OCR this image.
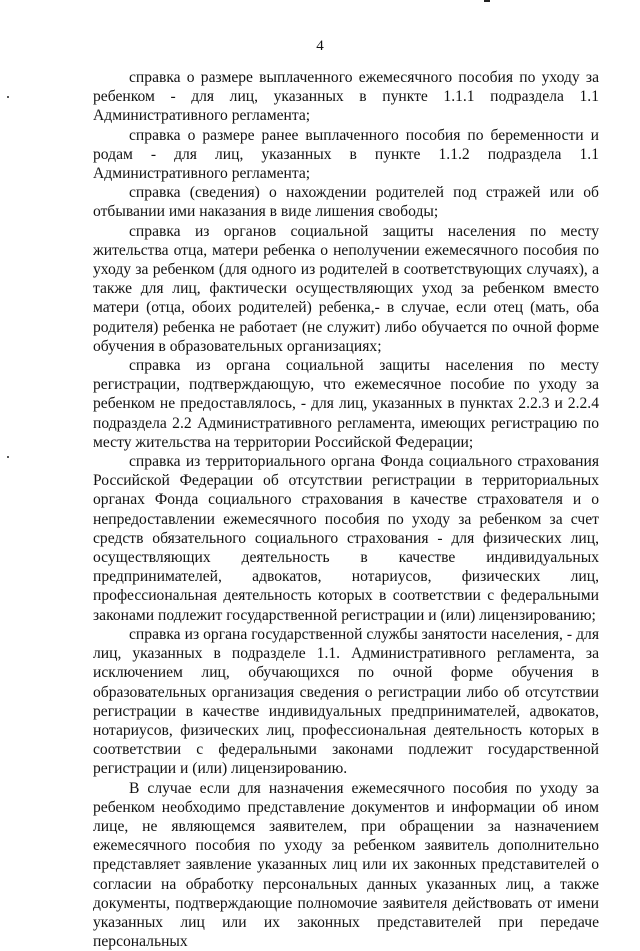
4

справка о размере выплаченного ежемесячного пособия по уходу за ребенком - для лиц, указанных в пункте 1.1.1 подраздела 1.1 Административного регламента;

справка о размере ранее выплаченного пособия по беременности и родам - для лиц, указанных в пункте 1.1.2 подраздела 1.1 Административного регламента;

справка (сведения) о нахождении родителей под стражей или об отбывании ими наказания в виде лишения свободы;

справка из органов социальной защиты населения по месту жительства отца, матери ребенка о неполучении ежемесячного пособия по уходу за ребенком (для одного из родителей в соответствующих случаях), а также для лиц, фактически осуществляющих уход за ребенком вместо матери (отца, обоих родителей) ребенка,- в случае, если отец (мать, оба родителя) ребенка не работает (не служит) либо обучается по очной форме обучения в образовательных организациях;

справка из органа социальной защиты населения по месту регистрации, подтверждающую, что ежемесячное пособие по уходу за ребенком не предоставлялось, - для лиц, указанных в пунктах 2.2.3 и 2.2.4 подраздела 2.2 Административного регламента, имеющих регистрацию по месту жительства на территории Российской Федерации;

справка из территориального органа Фонда социального страхования Российской Федерации об отсутствии регистрации в территориальных органах Фонда социального страхования в качестве страхователя и о непредоставлении ежемесячного пособия по уходу за ребенком за счет средств обязательного социального страхования - для физических лиц, осуществляющих деятельность в качестве индивидуальных предпринимателей, адвокатов, нотариусов, физических лиц, профессиональная деятельность которых в соответствии с федеральными законами подлежит государственной регистрации и (или) лицензированию;

справка из органа государственной службы занятости населения, - для лиц, указанных в подразделе 1.1. Административного регламента, за исключением лиц, обучающихся по очной форме обучения в образовательных организация сведения о регистрации либо об отсутствии регистрации в качестве индивидуальных предпринимателей, адвокатов, нотариусов, физических лиц, профессиональная деятельность которых в соответствии с федеральными законами подлежит государственной регистрации и (или) лицензированию.

В случае если для назначения ежемесячного пособия по уходу за ребенком необходимо представление документов и информации об ином лице, не являющемся заявителем, при обращении за назначением ежемесячного пособия по уходу за ребенком заявитель дополнительно представляет заявление указанных лиц или их законных представителей о согласии на обработку персональных данных указанных лиц, а также документы, подтверждающие полномочие заявителя действовать от имени указанных лиц или их законных представителей при передаче персональных
